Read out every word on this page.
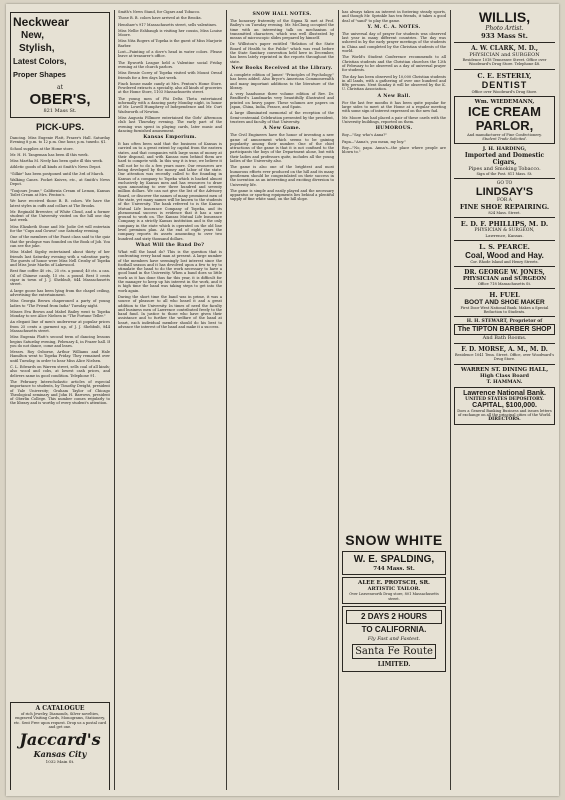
Neckwear
New,
Stylish,
Latest Colors,
Proper Shapes
at
OBER'S,
821 Mass St.
PICK-UPS.

Dancing. Miss Eugenie Platt, Frazer's Hall. Saturday Evening 8 p.m. to 12 p.m. One hour, p.m. tuxedo. $1.

School supplies at the Home store.

Mr. H. H. Tangeman has been ill this week.

Miss Martha M. Neely has been quite ill this week.

Athletic goods of all kinds at Smith's News Depot.

"Gilkie" has been postponed until the 3rd of March.

Walking Canes. Pocket Knives, etc., at Smith's News Depot.

"Toujours Jeune," California Cream of Lemon, Kansas Toilet Cream at Mrs. Fenton's.

We have received those B. B. colors. We have the latest styles in cuffs and collars at The Brooks.

Mr. Reginald Brewster, of White Cloud, and a former student of the University visited on the hill one day last week.

Miss Elizabeth Stone and Mr. Jodie Ort will entertain for the "Cups and Gowns" one Saturday evening.

One of the members of the Faust class said to the quiz that the prologue was founded on the Book of Job. You can see the joke.

Miss Mabel Sigsby entertained about thirty of her friends last Saturday evening with a valentine party. The guests of honor were Miss Nell Crosby of Topeka and Miss Josie Marlin of Lakewood.

Best fine coffee 40 cts., 25 cts. a pound; 40 cts. a can. Oil of Chinese candy, 15 cts. a pound. Best 5 cents cigar in town of J. J. Shebbult, 844 Massachusetts street.

A large goose has been lying from the chapel ceiling, advertising the entertainment.

Miss Georgia Brown chaperoned a party of young ladies to "The Friend from India" Tuesday night.

Misses Eva Brown and Mabel Bailey went to Topeka Monday to see Alice Nielsen in "The Fortune Teller."

An elegant line of men's underwear at popular prices from 25 cents a garment up, of J. J. Shebbult, 844 Massachusetts street.

Miss Eugenia Platt's second term of dancing lessons begins Saturday evening, February 4, in Frazer hall. If you do not dance, come and learn.

Messrs. Roy Osborne, Arthur Williams and Hale Hamilton went to Topeka Friday. They remained over until Tuesday, in order to hear Miss Alice Nielsen.

C. L. Edwards on Warren street, sells coal of all kinds; also wood and cobs, at lowest cash prices, and delivers same in good condition. Telephone 91.

The February Interscholastic articles of especial importance to students, by Timothy Dwight, president of Yale University; Graham Taylor of Chicago Theological seminary and John H. Barrows, president of Oberlin College. This number comes regularly to the library and is worthy of every student's attention.

A CATALOGUE

of rich Jewelry, Diamonds, Silver novelties, engraved Visiting Cards, Monograms, Stationery, etc. Sent Free upon request. Drop us a postal card and get one.

Jaccard's
Kansas City
1032 Main St.

Smith's News Stand, for Cigars and Tobacco.

Those B. B. colors have arrived at the Brooks.

Henshaw's 917 Massachusetts street, sells valentines.

Miss Nellie Eshbaugh is visiting her cousin, Miss Louise Moore.

Miss Nita Rogers of Topeka is the guest of Miss Marjorie Barber.

Lost—Painting of a dove's head in water colors. Please leave at treasurer's office.

The Epworth League held a Valentine social Friday evening at the church parlors.

Miss Bessie Corey of Topeka visited with Mount Oread friends for a few days last week.

Finch house made candy at Mrs. Fenton's Home Store. Powdered extracts a specialty, also all kinds of groceries at the Home Store, 1103 Massachusetts street.

The young men of Phi Delta Theta entertained informally with a dancing party Monday night, in honor of Mr. Lowell Humphrey of Independence and Mr. Curt Wadsworth of Newton.

Miss Augusta Fillmore entertained the Girls' Afternoon club last Thursday evening. The early part of the evening was spent in playing cards, later music and dancing furnished amusement.

Kansas Emporium.

It has often been said that the business of Kansas is carried on to a great extent by capital from the eastern states, and that companies with large sums of money at their disposal, and with Kansas men behind them are hard to compete with. In this way it is true, we believe it will not be to do a few years more. Our resources are being developed by the money and labor of the state. Our attention was recently called to the founding in Kansas of a company to Topeka which is backed almost exclusively by Kansas men and has resources to draw upon amounting to over three hundred and seventy million dollars. We can not give the list of the Advisory Board, or discover the names of many prominent men of the state, yet many names will be known to the students of the University. The bank referred to is the Kansas Mutual Life Insurance Company of Topeka, and its phenomenal success is evidence that it has a sure ground to work on. The Kansas Mutual Life Insurance Company is a strictly Kansas institution and is the only company in the state which is operated on the old line level premium plan. At the end of eight years the company reports its assets amounting to over two hundred and sixty thousand dollars.

What Will the Band Do?

What will the band do? This is the question that is confronting every band man at present. A large number of the members have seemingly lost interest since the football season and it has devolved upon a few to try to stimulate the band to do the work necessary to have a good band in the University. When a band does so little work as it has done thus far this year, it is difficult for the manager to keep up his interest in the work, and it is high time the band was taking steps to get into the work again.

During the short time the band was in prime, it was a source of pleasure to all who heard it and a great addition to the University. In times of need the faculty and business men of Lawrence contributed freely to the band fund. In justice to those who have given their assistance and to further the welfare of the band at heart, each individual member should do his best to advance the interest of the band and make it a success.

SNOW HALL NOTES.

The honorary fraternity of the Sigma Xi met at Prof. Bailey's on Tuesday evening. Mr. McClung occupied the time with an interesting talk on mechanism of transmitted characters, which was well illustrated by means of microscopic slides prepared by himself.

Dr. Williston's paper entitled "Relation of the State Board of Health to the Public" which was read before the State Sanitary convention held here in December, has been lately reprinted in the reports throughout the state.

New Books Received at the Library.

A complete edition of James' "Principles of Psychology," has been added. Also Bryce's American Commonwealth and many important additions to the literature of the library.

A very handsome three volume edition of Rev. Dr. Bradford's Landmarks very beautifully illustrated and printed on heavy paper. These volumes are papers on Japan, China, India, France, and Spain.

A large illuminated memorial of the reception of the Semi-centennial Celebration presented by the president, trustees and faculty of that University.

A New Game.

The Civil Engineers have the honor of inventing a new game of amusement which seems to be gaining popularity among their number. One of the chief attractions of the game is that it is not confined to the participants the boys of the Department alone, but with their ladies and professors quite, includes all the young ladies of the University also.

The game is also one of the brightest and most humorous efforts ever produced on the hill and its many gentlemen should be congratulated on their success in the invention as an interesting and exciting diversion to University life.

The game is simple and easily played and the necessary apparatus or sporting equipments lies behind a plentiful supply of fine white sand, on the hill slope.

has always taken an interest in fostering steady sports, and though Mr. Sprinkle has ten friends, it takes a good deal of "sand" to play the game.

Y. M. C. A. NOTES.

The universal day of prayer for students was observed last year in many different countries. The day was ushered in by the early prayer meetings of the students in China and completed by the Christian students of the world.

The World's Student Conference recommends to all Christian students and the Christian churches the 12th of February to be observed as a day of universal prayer for students.

The day has been observed by 10,000 Christian students in all lands, with a gathering of over one hundred and fifty persons. Next Sunday it will be observed by the K. U. Christian Association.

A New Ball.

For the last few months it has been quite popular for large sides to meet at the Home at a regular meeting with some sign of interest expressed on the new fad.

Mr. Moore has had placed a pair of these cards with the University buildings, reported on them.

HUMOROUS.

Boy—"Say, who's Anna?"

Papa—"Anna's, you mean, my boy."

Boy—"No, papa. Anna's—the place where people are blown to."

SNOW WHITE
W. E. SPALDING,
744 Mass. St.
ALEE E. PROTSCH, SR.
ARTISTIC TAILOR.
Over Leavenworth Drug store, 801 Massachusetts street.
2 DAYS 2 HOURS
TO CALIFORNIA.
Fly Fast and Fastest.
Santa Fe Route
LIMITED.
WILLIS,
Photo Artist.
933 Mass St.
A. W. CLARK, M. D.,
PHYSICIAN and SURGEON
Residence 1018 Tennessee Street. Office over Woodward's Drug Store. Telephone 48.
C. E. ESTERLY,
DENTIST
Office over Woodward's Drug Store.
Wm. WIEDEMANN,
ICE CREAM
PARLOR,
And manufacturer of Fine Confectionery.
Student Trade Solicited.
J. H. HARDING,
Imported and Domestic Cigars,
Pipes and Smoking Tobacco.
Sign of the Post. 811 Mass. St.
GO TO
LINDSAY'S
FOR A
FINE SHOE REPAIRING.
824 Mass. Street.
E. D. F. PHILLIPS, M. D.
PHYSICIAN & SURGEON,
Lawrence, Kansas.
L. S. PEARCE.
Coal, Wood and Hay.
Cor. Rhode Island and Henry Streets.
DR. GEORGE W. JONES,
PHYSICIAN and SURGEON
Office 718 Massachusetts St.
H. FUEL
BOOT AND SHOE MAKER
First Door West National Bank. Makes a Special Reduction to Students.
H. H. STEWART, Proprietor of
The TIPTON BARBER SHOP
And Bath Rooms.
F. D. MORSE, A. M., M. D.
Residence 1041 Tenn. Street. Office, over Woodward's Drug Store.
WARREN ST. DINING HALL,
High Class Board
T. HAMMAN.
Lawrence National Bank.
UNITED STATES DEPOSITORY.
CAPITAL, $100,000.
Does a General Banking Business and issues letters of exchange on all the principal cities of the World.
DIRECTORS.
